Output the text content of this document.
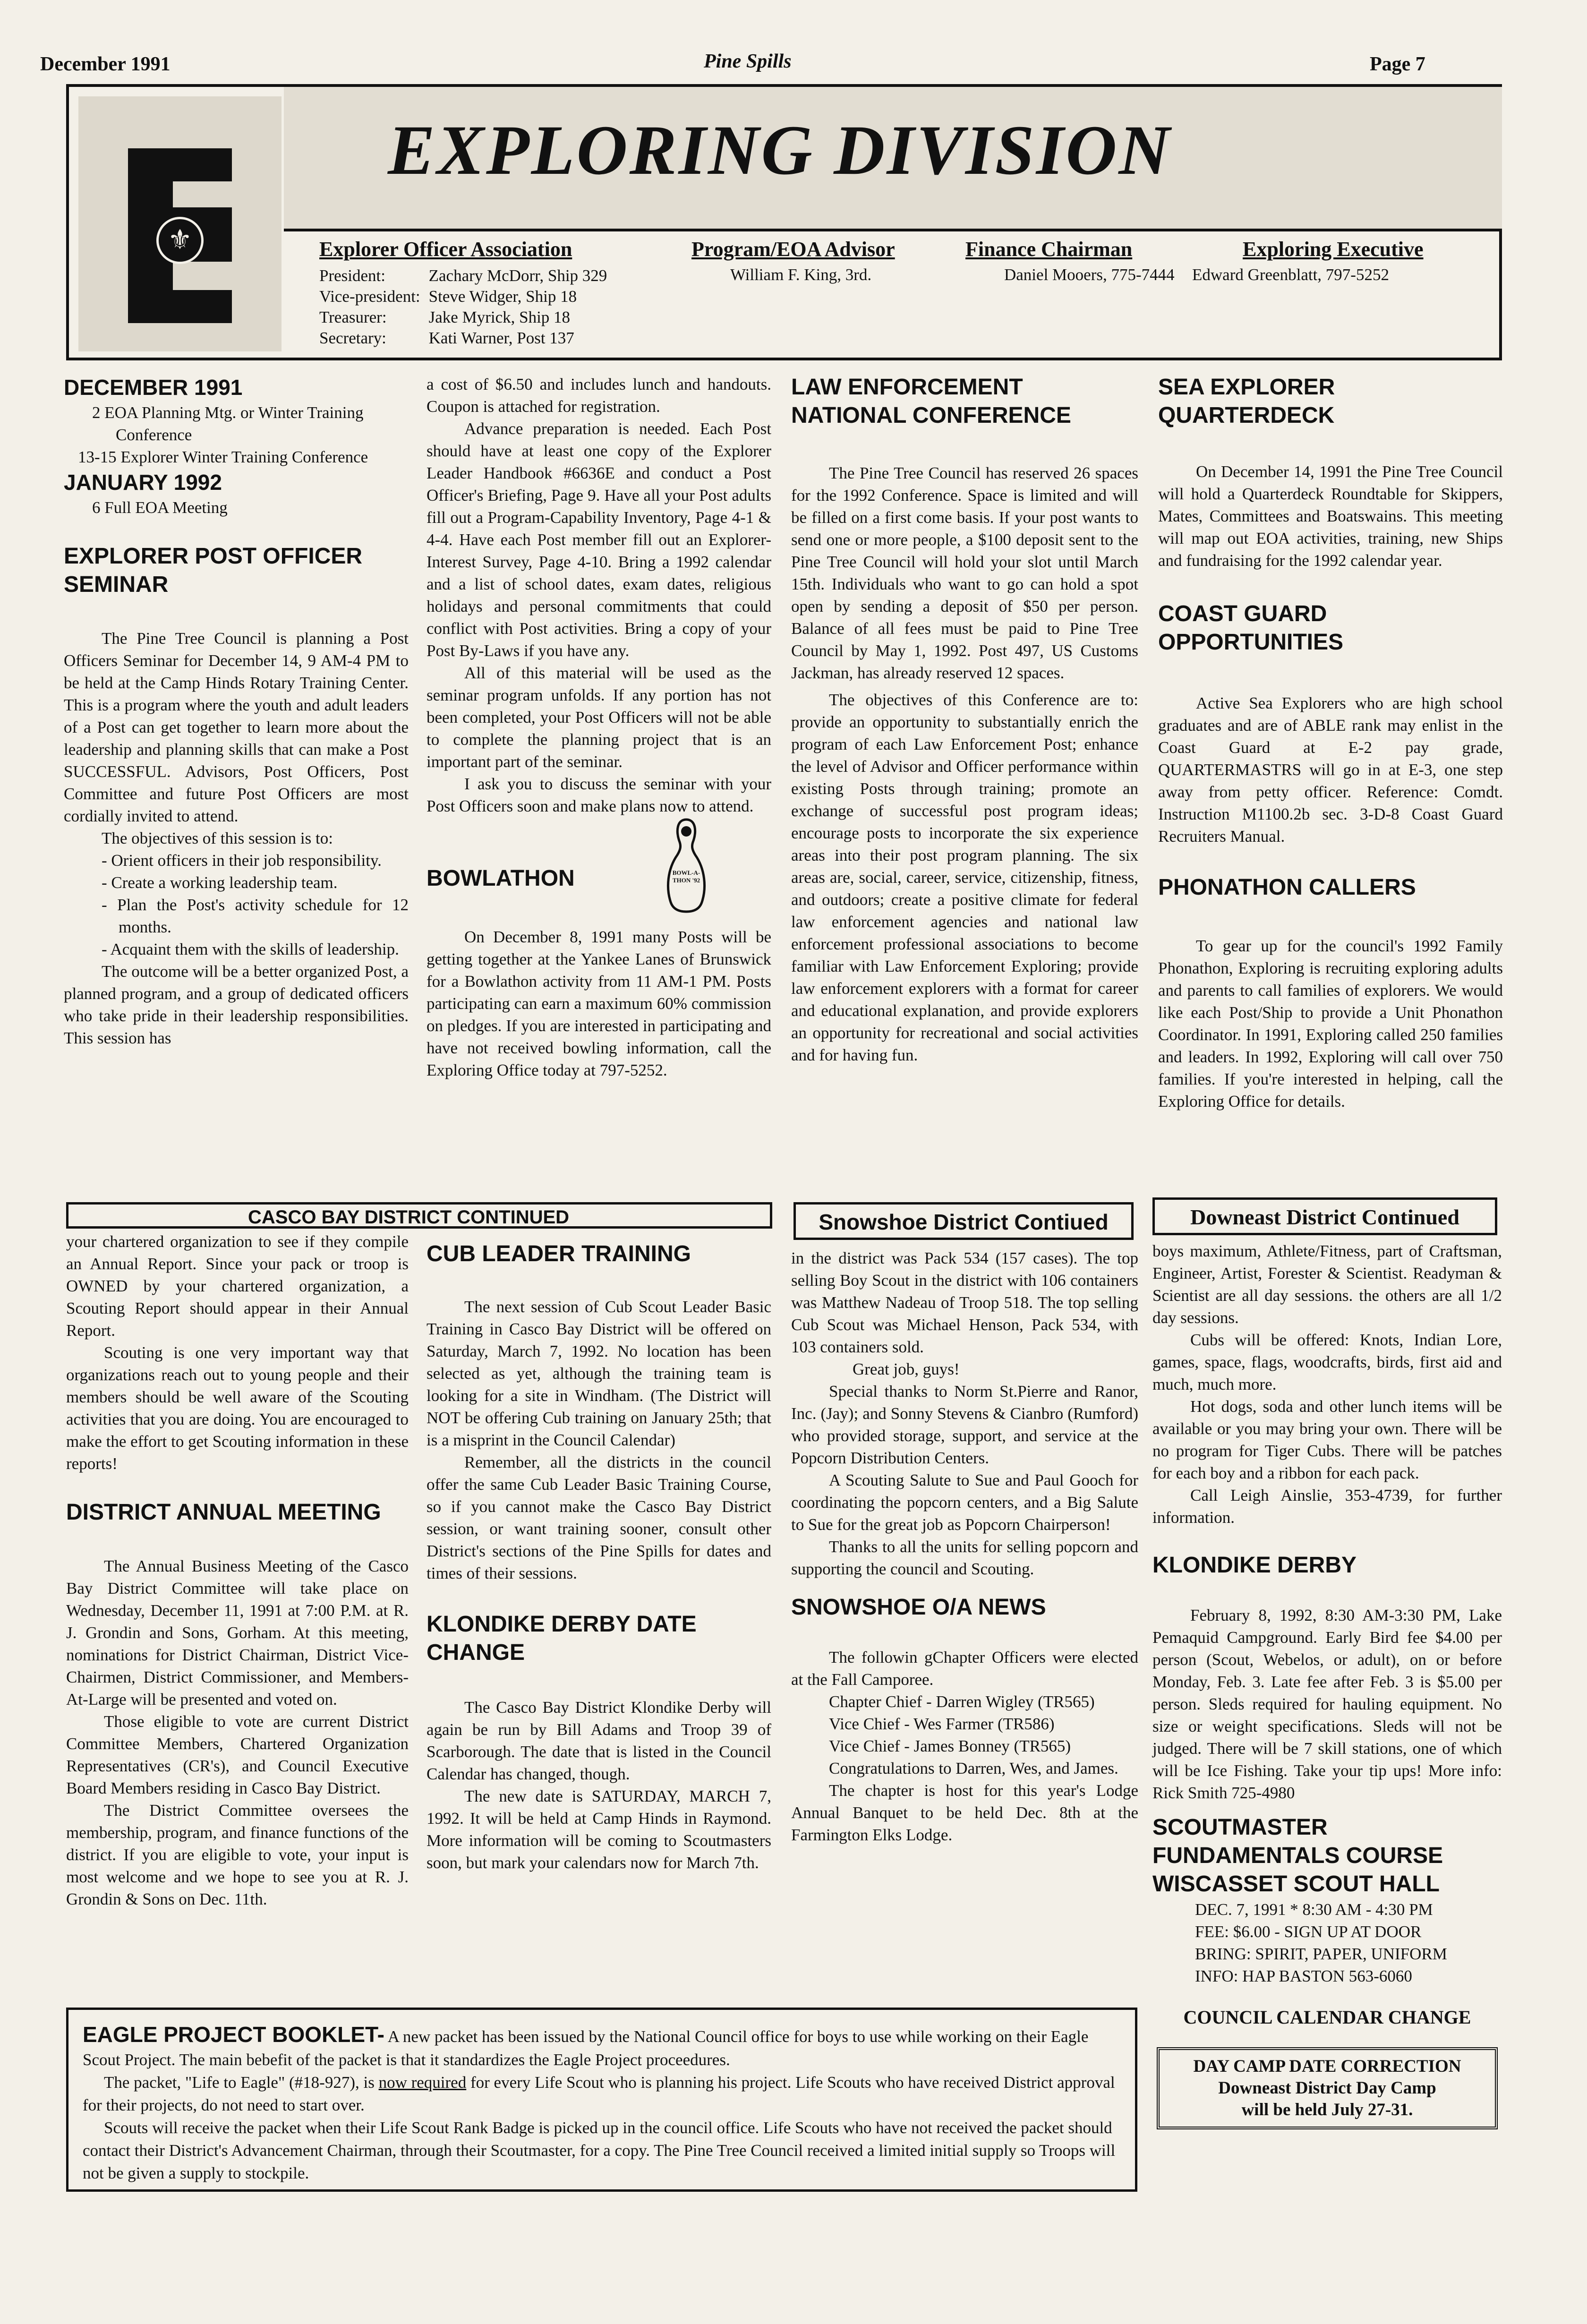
December 1991	Pine Spills	Page 7
⚜
EXPLORING DIVISION
Explorer Officer Association
President:	Zachary McDorr, Ship 329
Vice-president:	Steve Widger, Ship 18
Treasurer:	Jake Myrick, Ship 18
Secretary:	Kati Warner, Post 137
Program/EOA Advisor
William F. King, 3rd.
Finance Chairman
Daniel Mooers, 775-7444
Exploring Executive
Edward Greenblatt, 797-5252
DECEMBER 1991
2 EOA Planning Mtg. or Winter Training Conference
13-15 Explorer Winter Training Conference
JANUARY 1992
6 Full EOA Meeting
EXPLORER POST OFFICER SEMINAR

The Pine Tree Council is planning a Post Officers Seminar for December 14, 9 AM-4 PM to be held at the Camp Hinds Rotary Training Center. This is a program where the youth and adult leaders of a Post can get together to learn more about the leadership and planning skills that can make a Post SUCCESSFUL. Advisors, Post Officers, Post Committee and future Post Officers are most cordially invited to attend.

The objectives of this session is to:

- Orient officers in their job responsibility.
- Create a working leadership team.
- Plan the Post's activity schedule for 12 months.
- Acquaint them with the skills of leadership.

The outcome will be a better organized Post, a planned program, and a group of dedicated officers who take pride in their leadership responsibilities. This session has

a cost of $6.50 and includes lunch and handouts. Coupon is attached for registration.

Advance preparation is needed. Each Post should have at least one copy of the Explorer Leader Handbook #6636E and conduct a Post Officer's Briefing, Page 9. Have all your Post adults fill out a Program-Capability Inventory, Page 4-1 & 4-4. Have each Post member fill out an Explorer-Interest Survey, Page 4-10. Bring a 1992 calendar and a list of school dates, exam dates, religious holidays and personal commitments that could conflict with Post activities. Bring a copy of your Post By-Laws if you have any.

All of this material will be used as the seminar program unfolds. If any portion has not been completed, your Post Officers will not be able to complete the planning project that is an important part of the seminar.

I ask you to discuss the seminar with your Post Officers soon and make plans now to attend.

BOWLATHON	BOWL-A-THON '92

On December 8, 1991 many Posts will be getting together at the Yankee Lanes of Brunswick for a Bowlathon activity from 11 AM-1 PM. Posts participating can earn a maximum 60% commission on pledges. If you are interested in participating and have not received bowling information, call the Exploring Office today at 797-5252.

LAW ENFORCEMENT NATIONAL CONFERENCE

The Pine Tree Council has reserved 26 spaces for the 1992 Conference. Space is limited and will be filled on a first come basis. If your post wants to send one or more people, a $100 deposit sent to the Pine Tree Council will hold your slot until March 15th. Individuals who want to go can hold a spot open by sending a deposit of $50 per person. Balance of all fees must be paid to Pine Tree Council by May 1, 1992. Post 497, US Customs Jackman, has already reserved 12 spaces.

The objectives of this Conference are to: provide an opportunity to substantially enrich the program of each Law Enforcement Post; enhance the level of Advisor and Officer performance within existing Posts through training; promote an exchange of successful post program ideas; encourage posts to incorporate the six experience areas into their post program planning. The six areas are, social, career, service, citizenship, fitness, and outdoors; create a positive climate for federal law enforcement agencies and national law enforcement professional associations to become familiar with Law Enforcement Exploring; provide law enforcement explorers with a format for career and educational explanation, and provide explorers an opportunity for recreational and social activities and for having fun.

SEA EXPLORER QUARTERDECK

On December 14, 1991 the Pine Tree Council will hold a Quarterdeck Roundtable for Skippers, Mates, Committees and Boatswains. This meeting will map out EOA activities, training, new Ships and fundraising for the 1992 calendar year.

COAST GUARD OPPORTUNITIES

Active Sea Explorers who are high school graduates and are of ABLE rank may enlist in the Coast Guard at E-2 pay grade, QUARTERMASTRS will go in at E-3, one step away from petty officer. Reference: Comdt. Instruction M1100.2b sec. 3-D-8 Coast Guard Recruiters Manual.

PHONATHON CALLERS

To gear up for the council's 1992 Family Phonathon, Exploring is recruiting exploring adults and parents to call families of explorers. We would like each Post/Ship to provide a Unit Phonathon Coordinator. In 1991, Exploring called 250 families and leaders. In 1992, Exploring will call over 750 families. If you're interested in helping, call the Exploring Office for details.

CASCO BAY DISTRICT CONTINUED	Snowshoe District Contiued	Downeast District Continued

your chartered organization to see if they compile an Annual Report. Since your pack or troop is OWNED by your chartered organization, a Scouting Report should appear in their Annual Report.

Scouting is one very important way that organizations reach out to young people and their members should be well aware of the Scouting activities that you are doing. You are encouraged to make the effort to get Scouting information in these reports!

DISTRICT ANNUAL MEETING

The Annual Business Meeting of the Casco Bay District Committee will take place on Wednesday, December 11, 1991 at 7:00 P.M. at R. J. Grondin and Sons, Gorham. At this meeting, nominations for District Chairman, District Vice-Chairmen, District Commissioner, and Members-At-Large will be presented and voted on.

Those eligible to vote are current District Committee Members, Chartered Organization Representatives (CR's), and Council Executive Board Members residing in Casco Bay District.

The District Committee oversees the membership, program, and finance functions of the district. If you are eligible to vote, your input is most welcome and we hope to see you at R. J. Grondin & Sons on Dec. 11th.

CUB LEADER TRAINING

The next session of Cub Scout Leader Basic Training in Casco Bay District will be offered on Saturday, March 7, 1992. No location has been selected as yet, although the training team is looking for a site in Windham. (The District will NOT be offering Cub training on January 25th; that is a misprint in the Council Calendar)

Remember, all the districts in the council offer the same Cub Leader Basic Training Course, so if you cannot make the Casco Bay District session, or want training sooner, consult other District's sections of the Pine Spills for dates and times of their sessions.

KLONDIKE DERBY DATE CHANGE

The Casco Bay District Klondike Derby will again be run by Bill Adams and Troop 39 of Scarborough. The date that is listed in the Council Calendar has changed, though.

The new date is SATURDAY, MARCH 7, 1992. It will be held at Camp Hinds in Raymond. More information will be coming to Scoutmasters soon, but mark your calendars now for March 7th.

in the district was Pack 534 (157 cases). The top selling Boy Scout in the district with 106 containers was Matthew Nadeau of Troop 518. The top selling Cub Scout was Michael Henson, Pack 534, with 103 containers sold.

Great job, guys!

Special thanks to Norm St.Pierre and Ranor, Inc. (Jay); and Sonny Stevens & Cianbro (Rumford) who provided storage, support, and service at the Popcorn Distribution Centers.

A Scouting Salute to Sue and Paul Gooch for coordinating the popcorn centers, and a Big Salute to Sue for the great job as Popcorn Chairperson!

Thanks to all the units for selling popcorn and supporting the council and Scouting.

SNOWSHOE O/A NEWS

The followin gChapter Officers were elected at the Fall Camporee.

Chapter Chief - Darren Wigley (TR565)

Vice Chief - Wes Farmer (TR586)

Vice Chief - James Bonney (TR565)

Congratulations to Darren, Wes, and James.

The chapter is host for this year's Lodge Annual Banquet to be held Dec. 8th at the Farmington Elks Lodge.

boys maximum, Athlete/Fitness, part of Craftsman, Engineer, Artist, Forester & Scientist. Readyman & Scientist are all day sessions. the others are all 1/2 day sessions.

Cubs will be offered: Knots, Indian Lore, games, space, flags, woodcrafts, birds, first aid and much, much more.

Hot dogs, soda and other lunch items will be available or you may bring your own. There will be no program for Tiger Cubs. There will be patches for each boy and a ribbon for each pack.

Call Leigh Ainslie, 353-4739, for further information.

KLONDIKE DERBY

February 8, 1992, 8:30 AM-3:30 PM, Lake Pemaquid Campground. Early Bird fee $4.00 per person (Scout, Webelos, or adult), on or before Monday, Feb. 3. Late fee after Feb. 3 is $5.00 per person. Sleds required for hauling equipment. No size or weight specifications. Sleds will not be judged. There will be 7 skill stations, one of which will be Ice Fishing. Take your tip ups! More info: Rick Smith 725-4980

SCOUTMASTER FUNDAMENTALS COURSE WISCASSET SCOUT HALL
DEC. 7, 1991 * 8:30 AM - 4:30 PM
FEE: $6.00 - SIGN UP AT DOOR
BRING: SPIRIT, PAPER, UNIFORM
INFO: HAP BASTON 563-6060
COUNCIL CALENDAR CHANGE
DAY CAMP DATE CORRECTION
Downeast District Day Camp
will be held July 27-31.
EAGLE PROJECT BOOKLET- A new packet has been issued by the National Council office for boys to use while working on their Eagle Scout Project. The main bebefit of the packet is that it standardizes the Eagle Project proceedures.
The packet, "Life to Eagle" (#18-927), is now required for every Life Scout who is planning his project. Life Scouts who have received District approval for their projects, do not need to start over.
Scouts will receive the packet when their Life Scout Rank Badge is picked up in the council office. Life Scouts who have not received the packet should contact their District's Advancement Chairman, through their Scoutmaster, for a copy. The Pine Tree Council received a limited initial supply so Troops will not be given a supply to stockpile.
